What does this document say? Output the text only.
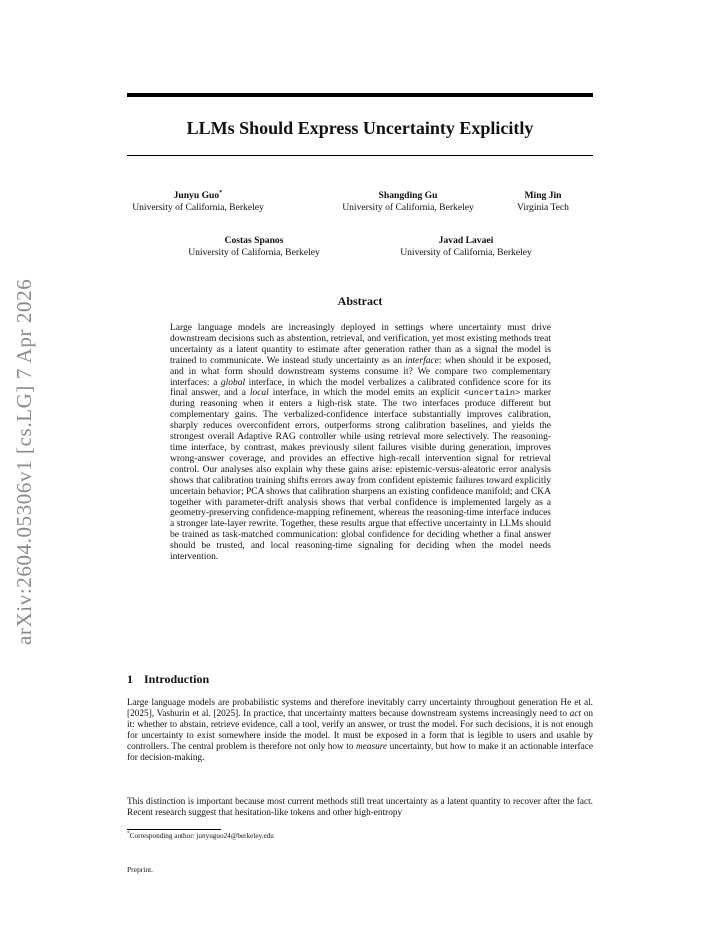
arXiv:2604.05306v1 [cs.LG] 7 Apr 2026
LLMs Should Express Uncertainty Explicitly
Junyu Guo*
University of California, Berkeley
Shangding Gu
University of California, Berkeley
Ming Jin
Virginia Tech
Costas Spanos
University of California, Berkeley
Javad Lavaei
University of California, Berkeley
Abstract

Large language models are increasingly deployed in settings where uncertainty must drive downstream decisions such as abstention, retrieval, and verification, yet most existing methods treat uncertainty as a latent quantity to estimate after generation rather than as a signal the model is trained to communicate. We instead study uncertainty as an interface: when should it be exposed, and in what form should downstream systems consume it? We compare two complementary interfaces: a global interface, in which the model verbalizes a calibrated confidence score for its final answer, and a local interface, in which the model emits an explicit <uncertain> marker during reasoning when it enters a high-risk state. The two interfaces produce different but complementary gains. The verbalized-confidence interface substantially improves calibration, sharply reduces overconfident errors, outperforms strong calibration baselines, and yields the strongest overall Adaptive RAG controller while using retrieval more selectively. The reasoning-time interface, by contrast, makes previously silent failures visible during generation, improves wrong-answer coverage, and provides an effective high-recall intervention signal for retrieval control. Our analyses also explain why these gains arise: epistemic-versus-aleatoric error analysis shows that calibration training shifts errors away from confident epistemic failures toward explicitly uncertain behavior; PCA shows that calibration sharpens an existing confidence manifold; and CKA together with parameter-drift analysis shows that verbal confidence is implemented largely as a geometry-preserving confidence-mapping refinement, whereas the reasoning-time interface induces a stronger late-layer rewrite. Together, these results argue that effective uncertainty in LLMs should be trained as task-matched communication: global confidence for deciding whether a final answer should be trusted, and local reasoning-time signaling for deciding when the model needs intervention.

1 Introduction

Large language models are probabilistic systems and therefore inevitably carry uncertainty throughout generation He et al. [2025], Vashurin et al. [2025]. In practice, that uncertainty matters because downstream systems increasingly need to act on it: whether to abstain, retrieve evidence, call a tool, verify an answer, or trust the model. For such decisions, it is not enough for uncertainty to exist somewhere inside the model. It must be exposed in a form that is legible to users and usable by controllers. The central problem is therefore not only how to measure uncertainty, but how to make it an actionable interface for decision-making.

This distinction is important because most current methods still treat uncertainty as a latent quantity to recover after the fact. Recent research suggest that hesitation-like tokens and other high-entropy

*Corresponding author: junyuguo24@berkeley.edu

Preprint.
